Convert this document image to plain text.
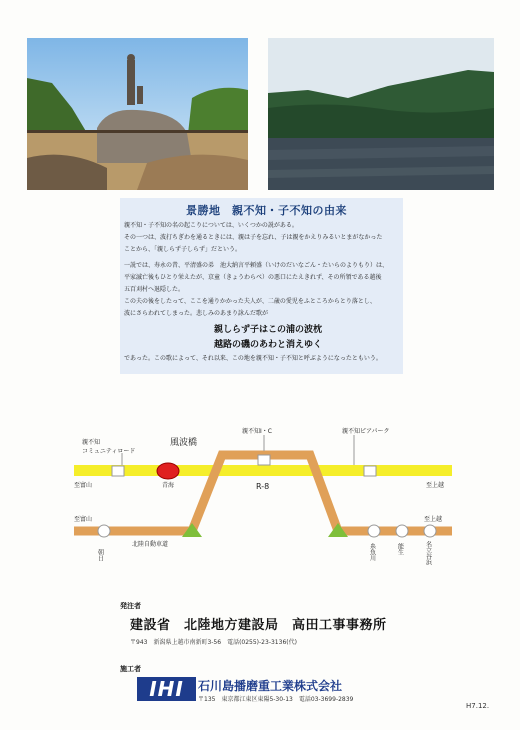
景勝地　親不知・子不知の由来
親不知・子不知の名の起こりについては、いくつかの説がある。
その一つは、波打ちぎわを通るときには、親は子を忘れ、子は親をかえりみるいとまがなかった
ことから、「親しらず子しらず」だという。
一説では、寿永の昔、平清盛の弟　池大納言平頼盛（いけのだいなごん・たいらのよりもり）は、
平家滅亡後もひとり栄えたが、京童（きょうわらべ）の悪口にたえきれず、その所領である越後
五百刈村へ退隠した。
この夫の後をしたって、ここを通りかかった夫人が、二歳の愛児をふところからとり落とし、
波にさらわれてしまった。悲しみのあまり詠んだ歌が
親しらず子はこの浦の波枕
越路の磯のあわと消えゆく
であった。この歌によって、それ以来、この地を親不知・子不知と呼ぶようになったともいう。
親不知
コミュニティロード
風波橋
青海
親不知I・C
R-8
親不知ピアパーク
至富山	至上越
至富山	至上越
北陸自動車道
朝日	糸魚川	能生	名立谷浜
発注者
建設省　北陸地方建設局　高田工事事務所
〒943　新潟県上越市南新町3-56　電話(0255)-23-3136(代)
施工者
IHI	石川島播磨重工業株式会社
〒135　東京都江東区東陽5-30-13　電話03-3699-2839
H7.12.
